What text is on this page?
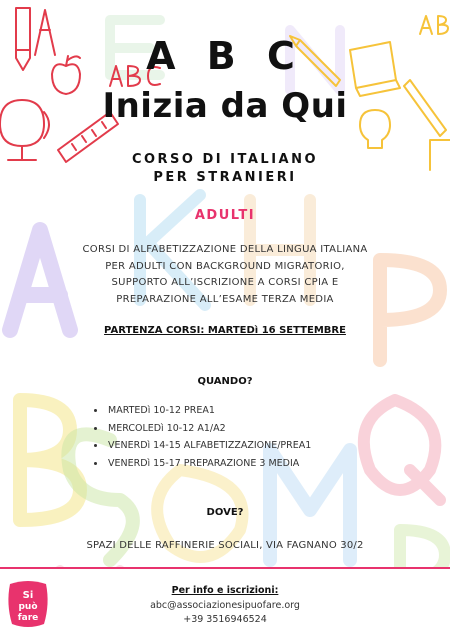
A B C
Inizia da Qui
CORSO DI ITALIANO
PER STRANIERI
ADULTI
CORSI DI ALFABETIZZAZIONE DELLA LINGUA ITALIANA
PER ADULTI CON BACKGROUND MIGRATORIO,
SUPPORTO ALL’ISCRIZIONE A CORSI CPIA E
PREPARAZIONE ALL’ESAME TERZA MEDIA
PARTENZA CORSI: MARTEDì 16 SETTEMBRE
QUANDO?
• MARTEDì 10-12 PREA1
• MERCOLEDì 10-12 A1/A2
• VENERDì 14-15 ALFABETIZZAZIONE/PREA1
• VENERDì 15-17 PREPARAZIONE 3 MEDIA
DOVE?
SPAZI DELLE RAFFINERIE SOCIALI, VIA FAGNANO 30/2
Si
può
fare
Per info e iscrizioni:
abc@associazionesipuofare.org
+39 3516946524
